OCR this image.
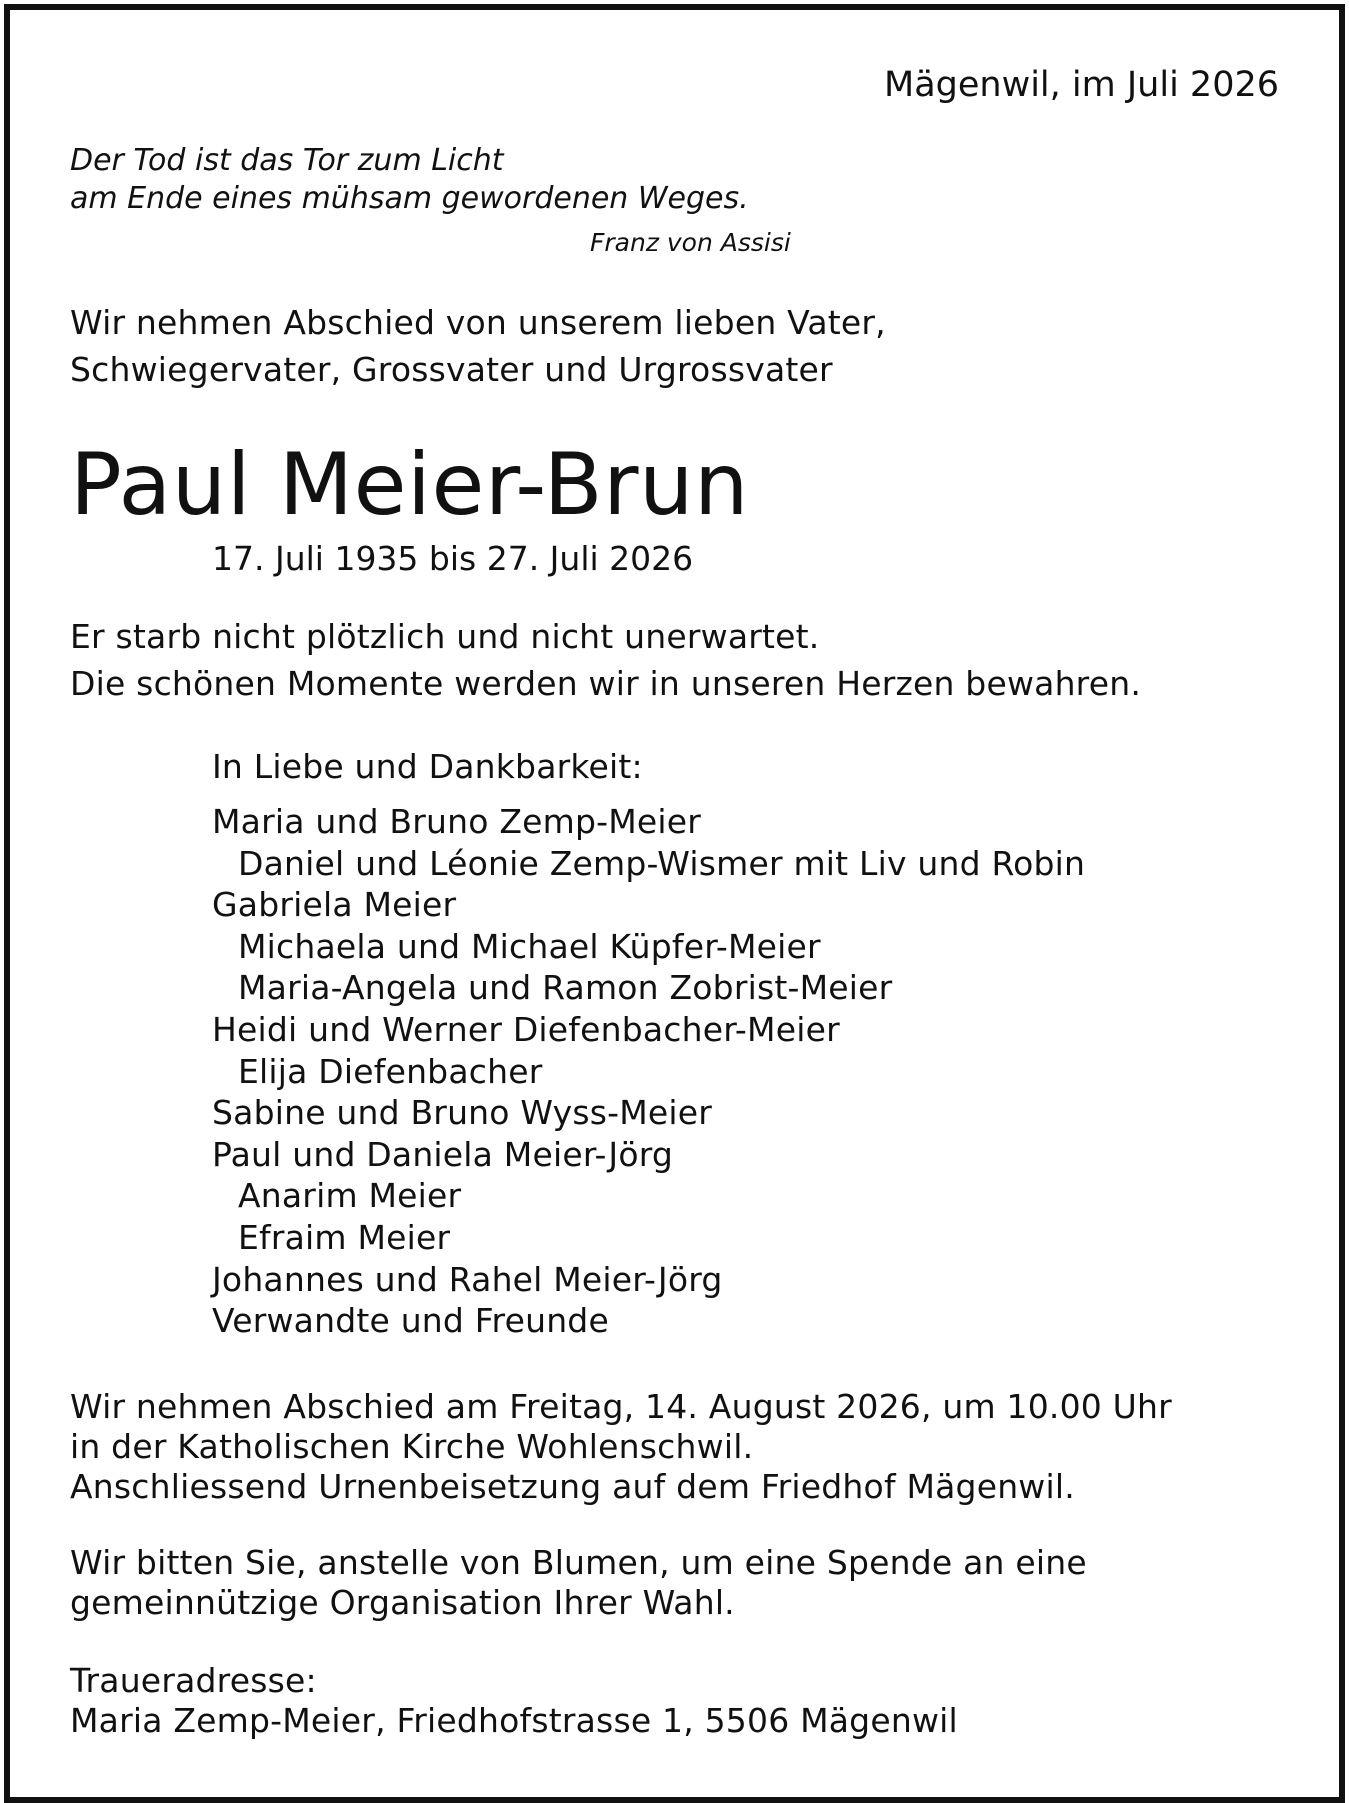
Mägenwil, im Juli 2026
Der Tod ist das Tor zum Licht
am Ende eines mühsam gewordenen Weges.
Franz von Assisi
Wir nehmen Abschied von unserem lieben Vater,
Schwiegervater, Grossvater und Urgrossvater
Paul Meier-Brun
17. Juli 1935 bis 27. Juli 2026
Er starb nicht plötzlich und nicht unerwartet.
Die schönen Momente werden wir in unseren Herzen bewahren.
In Liebe und Dankbarkeit:
Maria und Bruno Zemp-Meier
Daniel und Léonie Zemp-Wismer mit Liv und Robin
Gabriela Meier
Michaela und Michael Küpfer-Meier
Maria-Angela und Ramon Zobrist-Meier
Heidi und Werner Diefenbacher-Meier
Elija Diefenbacher
Sabine und Bruno Wyss-Meier
Paul und Daniela Meier-Jörg
Anarim Meier
Efraim Meier
Johannes und Rahel Meier-Jörg
Verwandte und Freunde
Wir nehmen Abschied am Freitag, 14. August 2026, um 10.00 Uhr
in der Katholischen Kirche Wohlenschwil.
Anschliessend Urnenbeisetzung auf dem Friedhof Mägenwil.
Wir bitten Sie, anstelle von Blumen, um eine Spende an eine
gemeinnützige Organisation Ihrer Wahl.
Traueradresse:
Maria Zemp-Meier, Friedhofstrasse 1, 5506 Mägenwil
